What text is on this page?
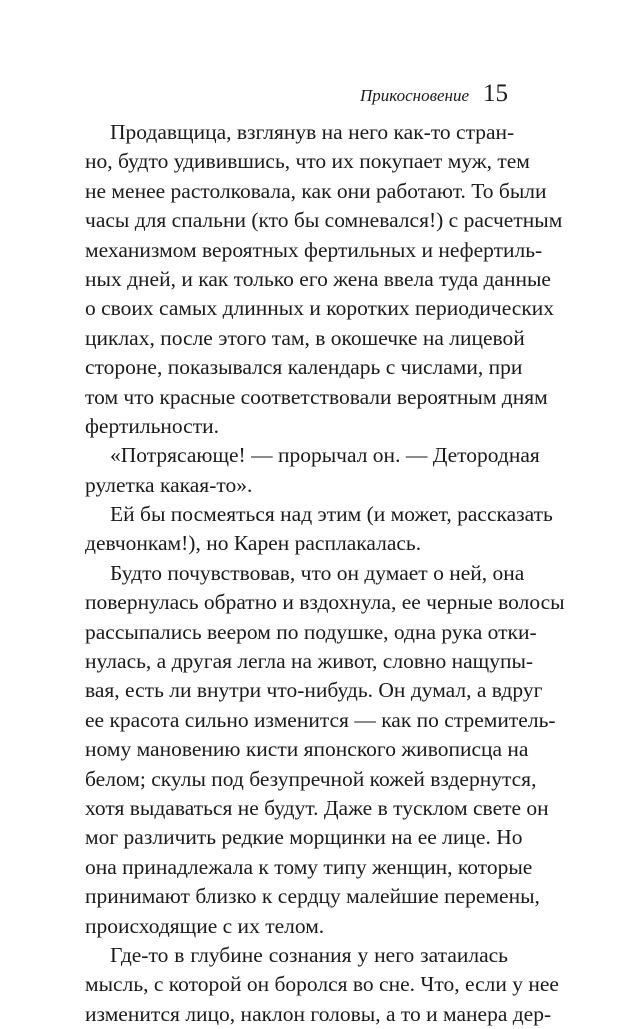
Прикосновение 15
Продавщица, взглянув на него как-то стран-
но, будто удивившись, что их покупает муж, тем
не менее растолковала, как они работают. То были
часы для спальни (кто бы сомневался!) с расчетным
механизмом вероятных фертильных и нефертиль-
ных дней, и как только его жена ввела туда данные
о своих самых длинных и коротких периодических
циклах, после этого там, в окошечке на лицевой
стороне, показывался календарь с числами, при
том что красные соответствовали вероятным дням
фертильности.
«Потрясающе! — прорычал он. — Детородная
рулетка какая-то».
Ей бы посмеяться над этим (и может, рассказать
девчонкам!), но Карен расплакалась.
Будто почувствовав, что он думает о ней, она
повернулась обратно и вздохнула, ее черные волосы
рассыпались веером по подушке, одна рука отки-
нулась, а другая легла на живот, словно нащупы-
вая, есть ли внутри что-нибудь. Он думал, а вдруг
ее красота сильно изменится — как по стремитель-
ному мановению кисти японского живописца на
белом; скулы под безупречной кожей вздернутся,
хотя выдаваться не будут. Даже в тусклом свете он
мог различить редкие морщинки на ее лице. Но
она принадлежала к тому типу женщин, которые
принимают близко к сердцу малейшие перемены,
происходящие с их телом.
Где-то в глубине сознания у него затаилась
мысль, с которой он боролся во сне. Что, если у нее
изменится лицо, наклон головы, а то и манера дер-
